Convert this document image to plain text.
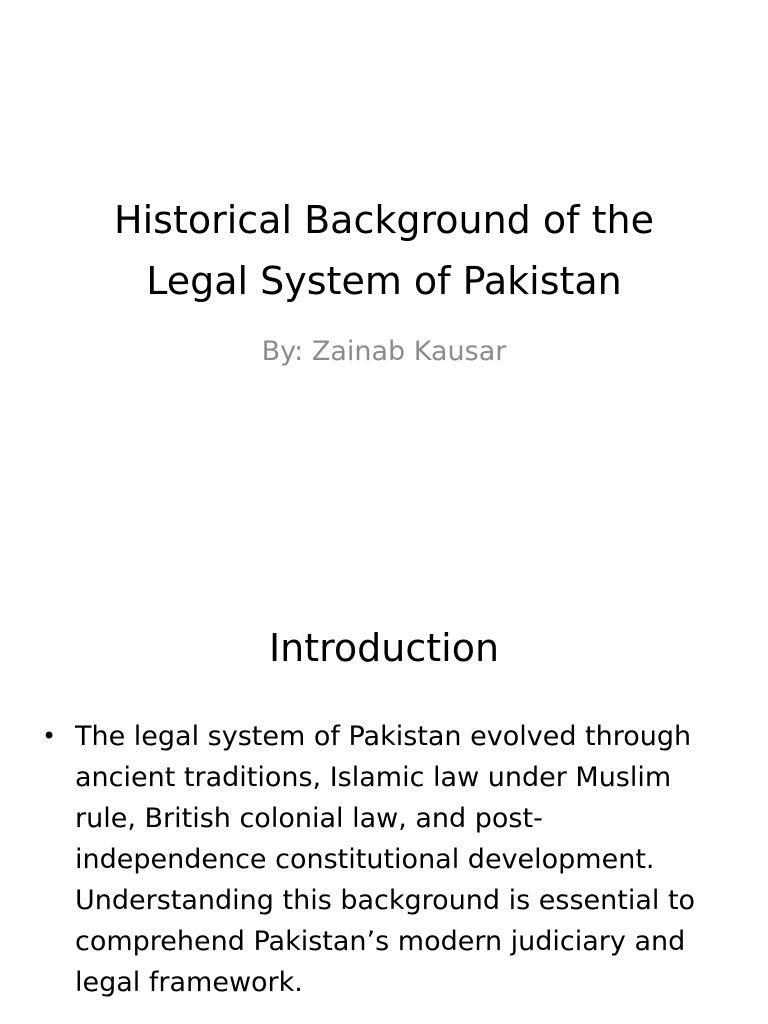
Historical Background of the
Legal System of Pakistan
By: Zainab Kausar
Introduction
• The legal system of Pakistan evolved through ancient traditions, Islamic law under Muslim rule, British colonial law, and post-independence constitutional development. Understanding this background is essential to comprehend Pakistan’s modern judiciary and legal framework.
